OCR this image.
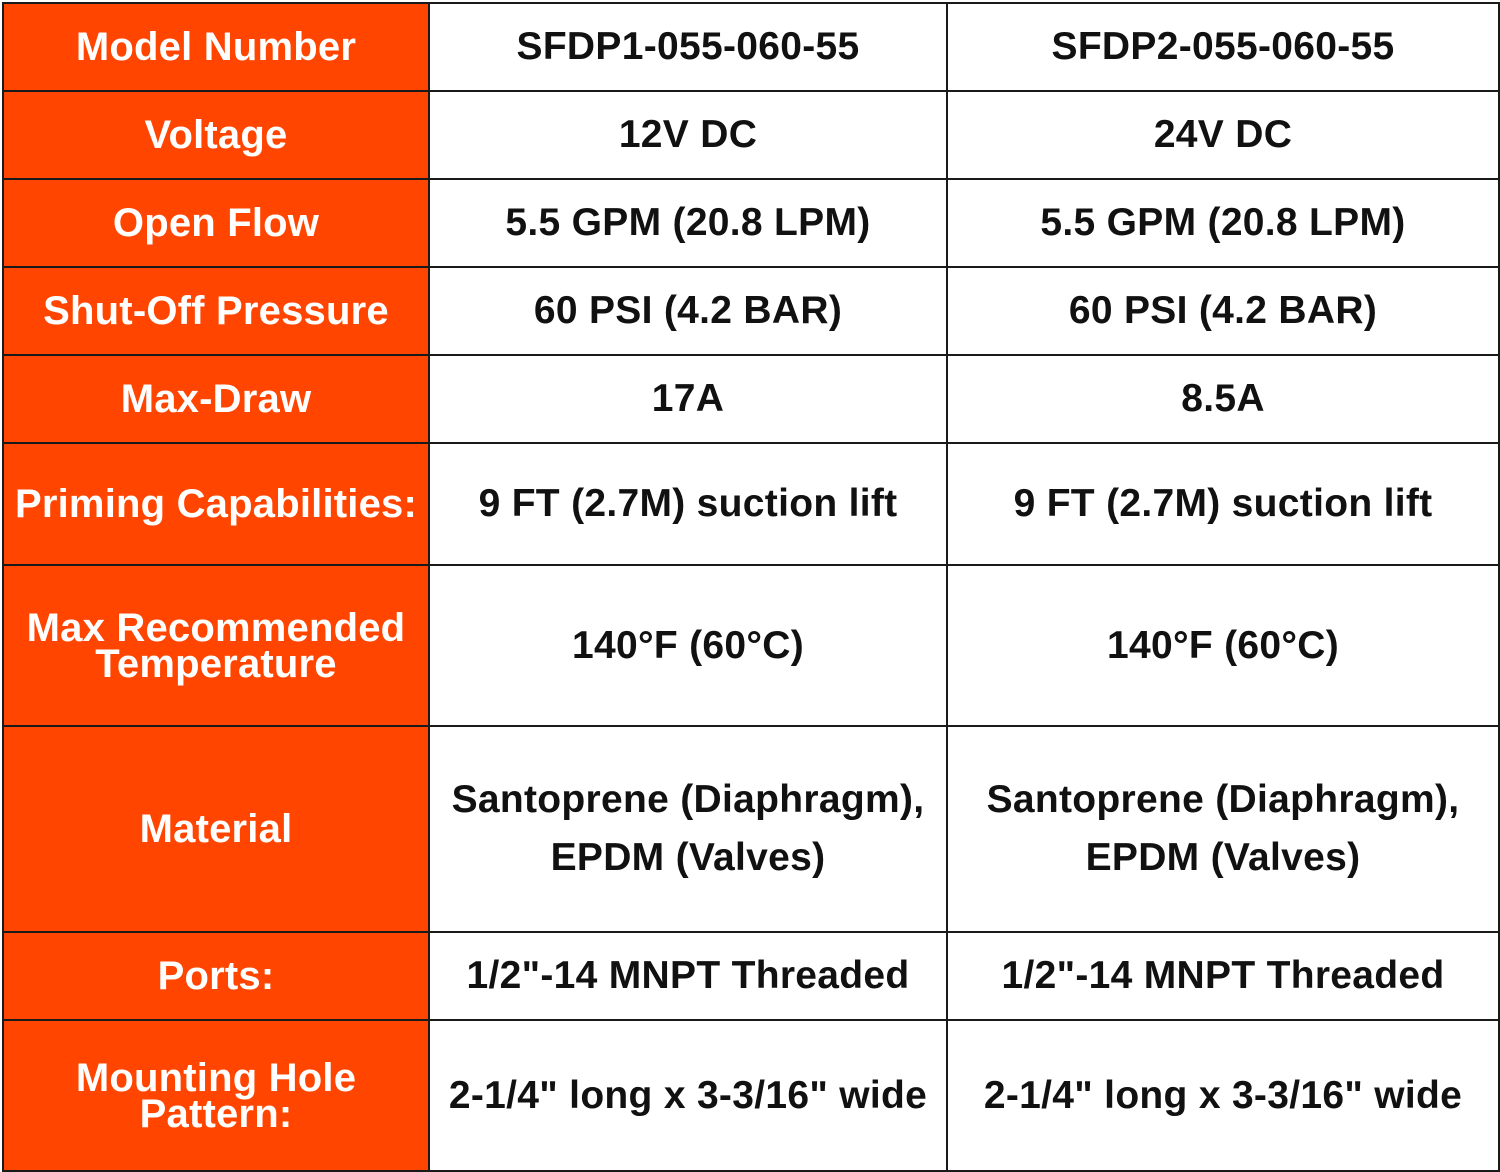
Model Number	SFDP1-055-060-55	SFDP2-055-060-55
Voltage	12V DC	24V DC
Open Flow	5.5 GPM (20.8 LPM)	5.5 GPM (20.8 LPM)
Shut-Off Pressure	60 PSI (4.2 BAR)	60 PSI (4.2 BAR)
Max-Draw	17A	8.5A
Priming Capabilities:	9 FT (2.7M) suction lift	9 FT (2.7M) suction lift
Max Recommended Temperature	140°F (60°C)	140°F (60°C)
Material	Santoprene (Diaphragm), EPDM (Valves)	Santoprene (Diaphragm), EPDM (Valves)
Ports:	1/2"-14 MNPT Threaded	1/2"-14 MNPT Threaded
Mounting Hole Pattern:	2-1/4" long x 3-3/16" wide	2-1/4" long x 3-3/16" wide
